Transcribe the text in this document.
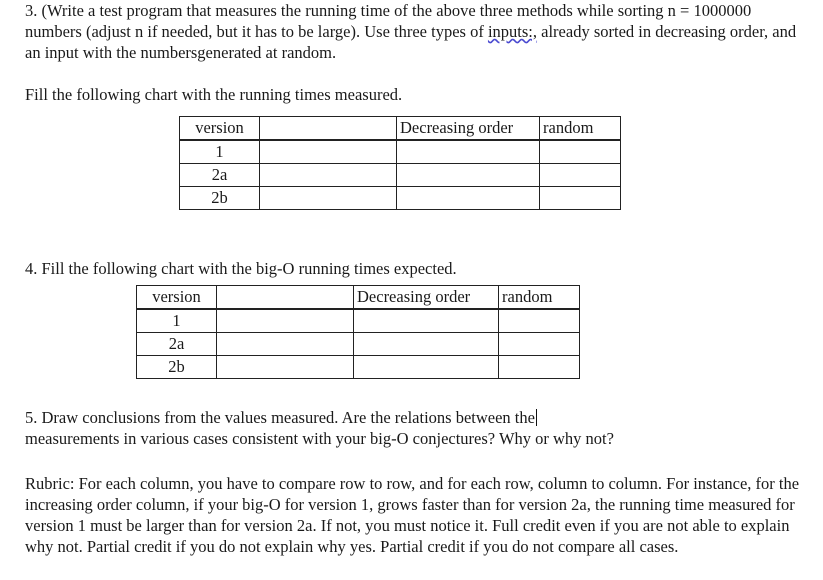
3. (Write a test program that measures the running time of the above three methods while sorting n = 1000000 numbers (adjust n if needed, but it has to be large). Use three types of inputs:, already sorted in decreasing order, and an input with the numbersgenerated at random.
Fill the following chart with the running times measured.
version		Decreasing order	random
1			
2a			
2b			
4. Fill the following chart with the big-O running times expected.
version		Decreasing order	random
1			
2a			
2b			
5. Draw conclusions from the values measured. Are the relations between the
measurements in various cases consistent with your big-O conjectures? Why or why not?
Rubric: For each column, you have to compare row to row, and for each row, column to column. For instance, for the increasing order column, if your big-O for version 1, grows faster than for version 2a, the running time measured for version 1 must be larger than for version 2a. If not, you must notice it. Full credit even if you are not able to explain why not. Partial credit if you do not explain why yes. Partial credit if you do not compare all cases.
